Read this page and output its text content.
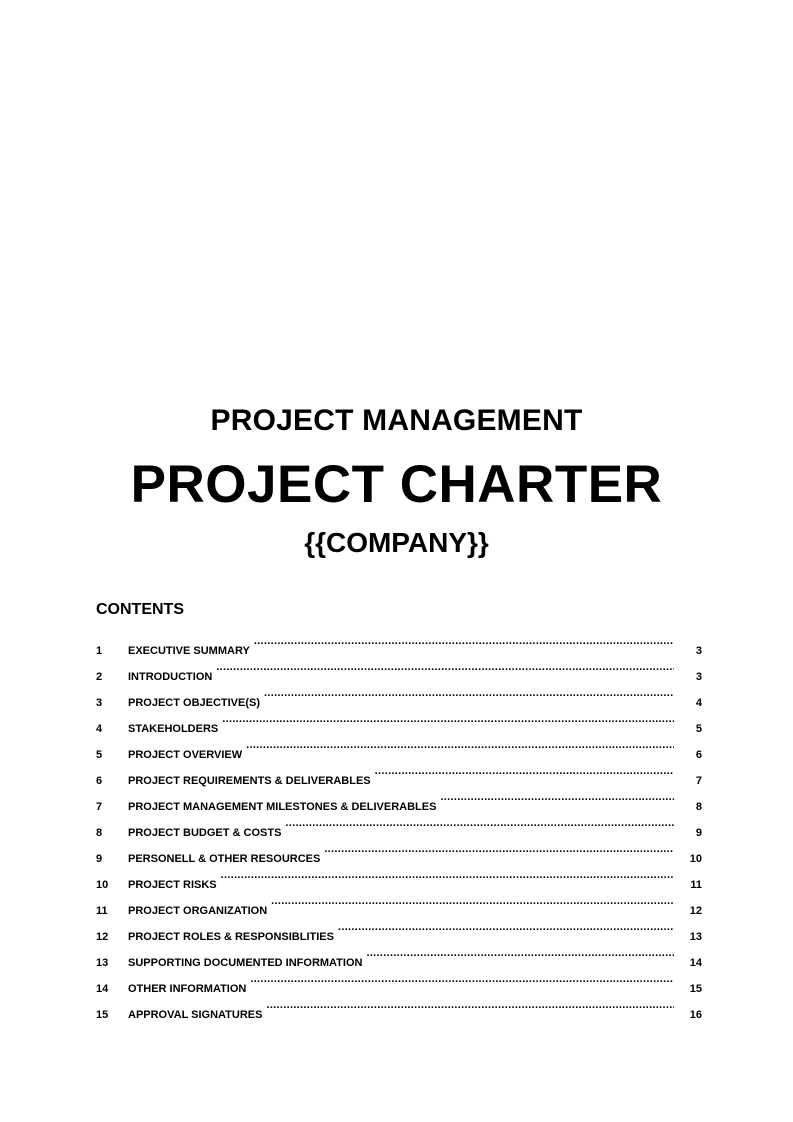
PROJECT MANAGEMENT
PROJECT CHARTER
{{COMPANY}}
CONTENTS
1	EXECUTIVE SUMMARY .....	3
2	INTRODUCTION .....	3
3	PROJECT OBJECTIVE(S) .....	4
4	STAKEHOLDERS .....	5
5	PROJECT OVERVIEW .....	6
6	PROJECT REQUIREMENTS & DELIVERABLES .....	7
7	PROJECT MANAGEMENT MILESTONES & DELIVERABLES .....	8
8	PROJECT BUDGET & COSTS .....	9
9	PERSONELL & OTHER RESOURCES .....	10
10	PROJECT RISKS .....	11
11	PROJECT ORGANIZATION .....	12
12	PROJECT ROLES & RESPONSIBLITIES .....	13
13	SUPPORTING DOCUMENTED INFORMATION .....	14
14	OTHER INFORMATION .....	15
15	APPROVAL SIGNATURES .....	16
